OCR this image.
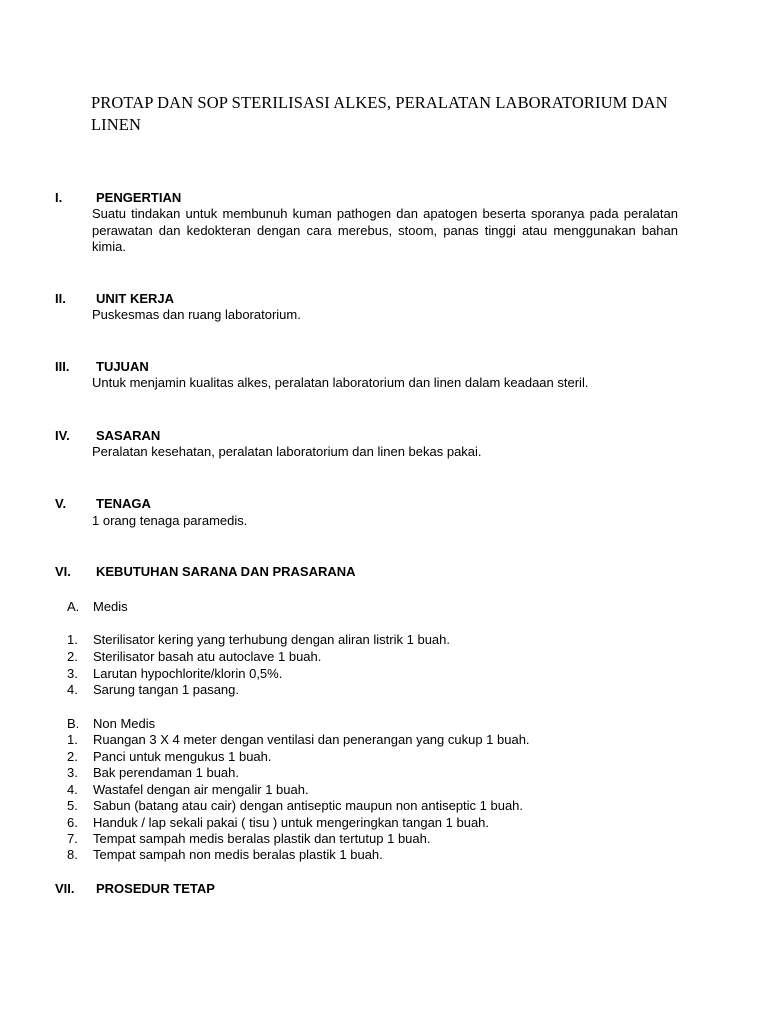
PROTAP DAN SOP STERILISASI ALKES, PERALATAN LABORATORIUM DAN LINEN
I.	PENGERTIAN
Suatu tindakan untuk membunuh kuman pathogen dan apatogen beserta sporanya pada peralatan perawatan dan kedokteran dengan cara merebus, stoom, panas tinggi atau menggunakan bahan kimia.
II. UNIT KERJA
Puskesmas dan ruang laboratorium.
III. TUJUAN
Untuk menjamin kualitas alkes, peralatan laboratorium dan linen dalam keadaan steril.
IV. SASARAN
Peralatan kesehatan, peralatan laboratorium dan linen bekas pakai.
V. TENAGA
1 orang tenaga paramedis.
VI. KEBUTUHAN SARANA DAN PRASARANA
A. Medis
1.	Sterilisator kering yang terhubung dengan aliran listrik 1 buah.
2.	Sterilisator basah atu autoclave 1 buah.
3.	Larutan hypochlorite/klorin 0,5%.
4.	Sarung tangan 1 pasang.
B. Non Medis
1.	Ruangan 3 X 4 meter dengan ventilasi dan penerangan yang cukup 1 buah.
2.	Panci untuk mengukus 1 buah.
3.	Bak perendaman 1 buah.
4.	Wastafel dengan air mengalir 1 buah.
5.	Sabun (batang atau cair) dengan antiseptic maupun non antiseptic 1 buah.
6.	Handuk / lap sekali pakai ( tisu ) untuk mengeringkan tangan 1 buah.
7.	Tempat sampah medis beralas plastik dan tertutup 1 buah.
8.	Tempat sampah non medis beralas plastik 1 buah.
VII. PROSEDUR TETAP
